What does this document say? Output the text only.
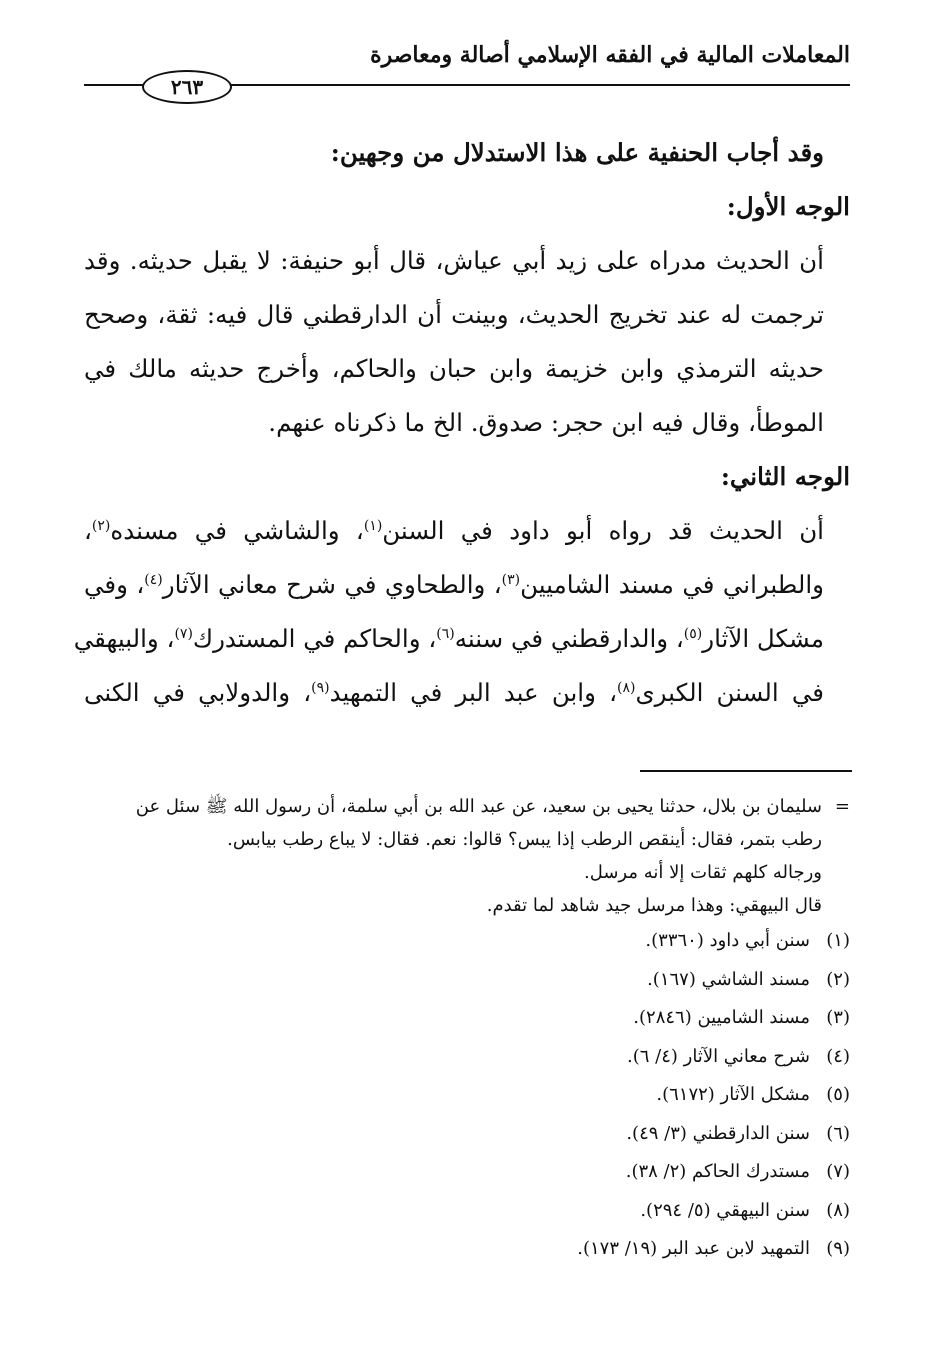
المعاملات المالية في الفقه الإسلامي أصالة ومعاصرة
٢٦٣

وقد أجاب الحنفية على هذا الاستدلال من وجهين:

الوجه الأول:

أن الحديث مدراه على زيد أبي عياش، قال أبو حنيفة: لا يقبل حديثه. وقد
ترجمت له عند تخريج الحديث، وبينت أن الدارقطني قال فيه: ثقة، وصحح
حديثه الترمذي وابن خزيمة وابن حبان والحاكم، وأخرج حديثه مالك في
الموطأ، وقال فيه ابن حجر: صدوق. الخ ما ذكرناه عنهم.

الوجه الثاني:

أن الحديث قد رواه أبو داود في السنن$^{(١)}$، والشاشي في مسنده$^{(٢)}$،
والطبراني في مسند الشاميين$^{(٣)}$، والطحاوي في شرح معاني الآثار$^{(٤)}$، وفي
مشكل الآثار$^{(٥)}$، والدارقطني في سننه$^{(٦)}$، والحاكم في المستدرك$^{(٧)}$، والبيهقي
في السنن الكبرى$^{(٨)}$، وابن عبد البر في التمهيد$^{(٩)}$، والدولابي في الكنى

=سليمان بن بلال، حدثنا يحيى بن سعيد، عن عبد الله بن أبي سلمة، أن رسول الله ﷺ سئل عن
رطب بتمر، فقال: أينقص الرطب إذا يبس؟ قالوا: نعم. فقال: لا يباع رطب بيابس.
ورجاله كلهم ثقات إلا أنه مرسل.
قال البيهقي: وهذا مرسل جيد شاهد لما تقدم.
(١)سنن أبي داود (٣٣٦٠).
(٢)مسند الشاشي (١٦٧).
(٣)مسند الشاميين (٢٨٤٦).
(٤)شرح معاني الآثار (٤/ ٦).
(٥)مشكل الآثار (٦١٧٢).
(٦)سنن الدارقطني (٣/ ٤٩).
(٧)مستدرك الحاكم (٢/ ٣٨).
(٨)سنن البيهقي (٥/ ٢٩٤).
(٩)التمهيد لابن عبد البر (١٩/ ١٧٣).
